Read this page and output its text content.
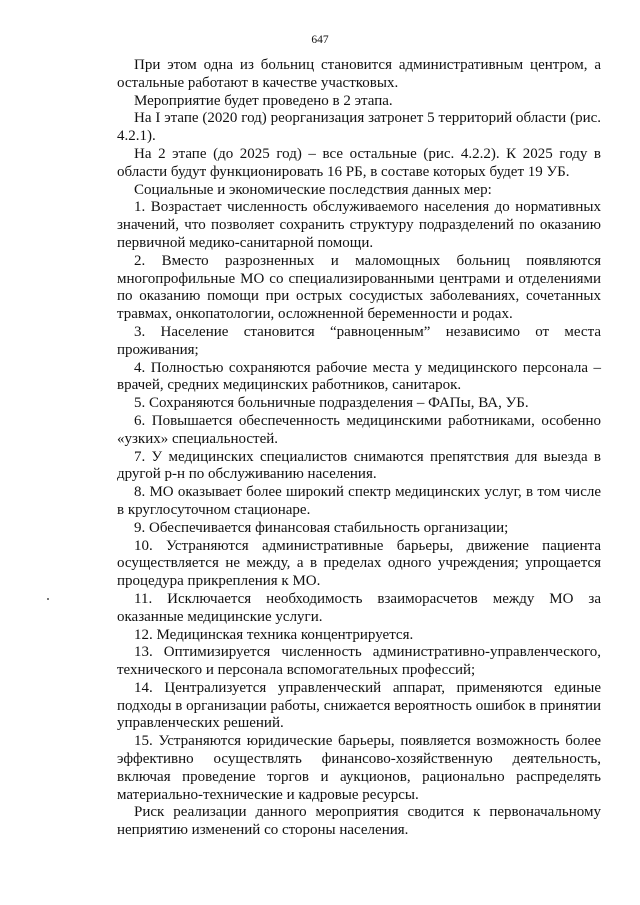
647

При этом одна из больниц становится административным центром, а остальные работают в качестве участковых.

Мероприятие будет проведено в 2 этапа.

На I этапе (2020 год) реорганизация затронет 5 территорий области (рис. 4.2.1).

На 2 этапе (до 2025 год) – все остальные (рис. 4.2.2). К 2025 году в области будут функционировать 16 РБ, в составе которых будет 19 УБ.

Социальные и экономические последствия данных мер:

1. Возрастает численность обслуживаемого населения до нормативных значений, что позволяет сохранить структуру подразделений по оказанию первичной медико-санитарной помощи.

2. Вместо разрозненных и маломощных больниц появляются многопрофильные МО со специализированными центрами и отделениями по оказанию помощи при острых сосудистых заболеваниях, сочетанных травмах, онкопатологии, осложненной беременности и родах.

3. Население становится “равноценным” независимо от места проживания;

4. Полностью сохраняются рабочие места у медицинского персонала – врачей, средних медицинских работников, санитарок.

5. Сохраняются больничные подразделения – ФАПы, ВА, УБ.

6. Повышается обеспеченность медицинскими работниками, особенно «узких» специальностей.

7. У медицинских специалистов снимаются препятствия для выезда в другой р-н по обслуживанию населения.

8. МО оказывает более широкий спектр медицинских услуг, в том числе в круглосуточном стационаре.

9. Обеспечивается финансовая стабильность организации;

10. Устраняются административные барьеры, движение пациента осуществляется не между, а в пределах одного учреждения; упрощается процедура прикрепления к МО.

11. Исключается необходимость взаиморасчетов между МО за оказанные медицинские услуги.

12. Медицинская техника концентрируется.

13. Оптимизируется численность административно-управленческого, технического и персонала вспомогательных профессий;

14. Централизуется управленческий аппарат, применяются единые подходы в организации работы, снижается вероятность ошибок в принятии управленческих решений.

15. Устраняются юридические барьеры, появляется возможность более эффективно осуществлять финансово-хозяйственную деятельность, включая проведение торгов и аукционов, рационально распределять материально-технические и кадровые ресурсы.

Риск реализации данного мероприятия сводится к первоначальному неприятию изменений со стороны населения.
